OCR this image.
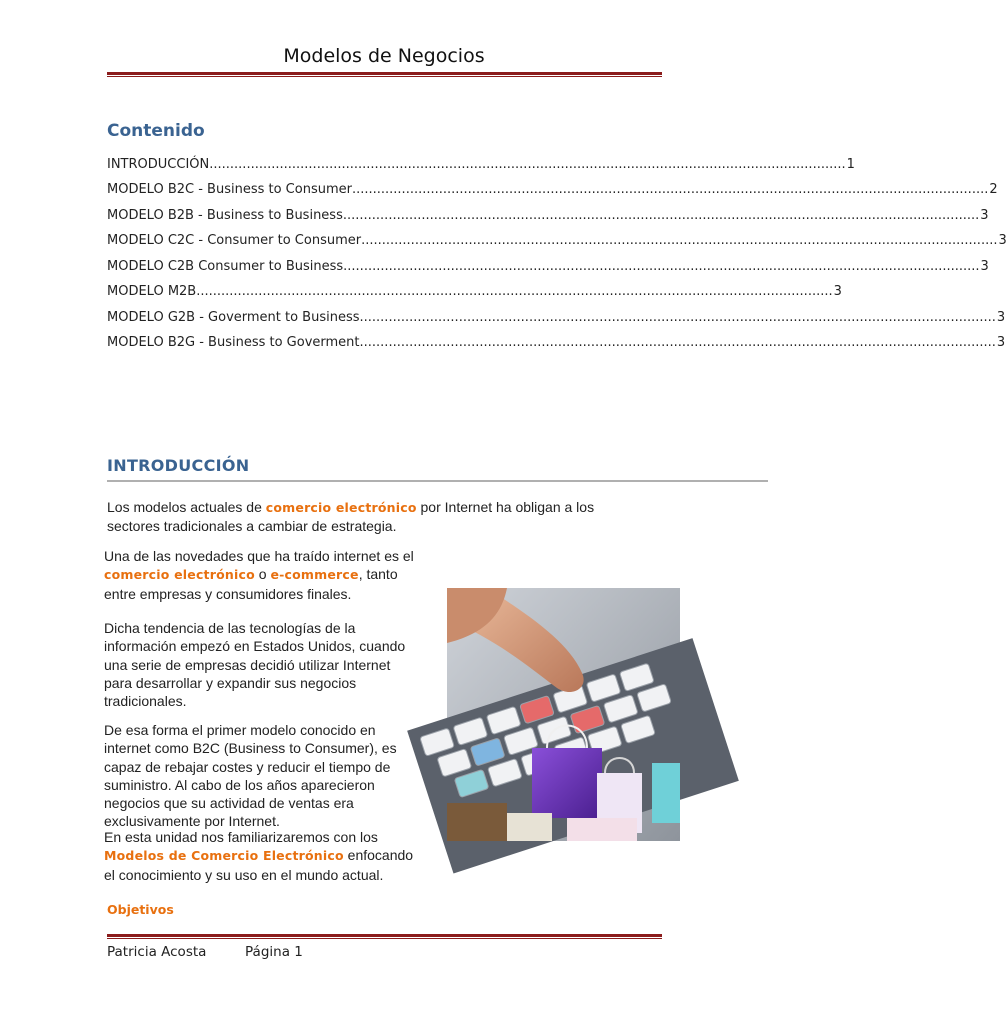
Modelos de Negocios
Contenido
INTRODUCCIÓN .......................................................................................................................................................... 1
MODELO B2C - Business to Consumer .......................................................................................................................................................... 2
MODELO B2B - Business to Business .......................................................................................................................................................... 3
MODELO C2C - Consumer to Consumer .......................................................................................................................................................... 3
MODELO C2B Consumer to Business .......................................................................................................................................................... 3
MODELO M2B .......................................................................................................................................................... 3
MODELO G2B - Goverment to Business .......................................................................................................................................................... 3
MODELO B2G - Business to Goverment .......................................................................................................................................................... 3
INTRODUCCIÓN
Los modelos actuales de comercio electrónico por Internet ha obligan a los sectores tradicionales a cambiar de estrategia.
Una de las novedades que ha traído internet es el comercio electrónico o e-commerce, tanto entre empresas y consumidores finales.
Dicha tendencia de las tecnologías de la información empezó en Estados Unidos, cuando una serie de empresas decidió utilizar Internet para desarrollar y expandir sus negocios tradicionales.
De esa forma el primer modelo conocido en internet como B2C (Business to Consumer), es capaz de rebajar costes y reducir el tiempo de suministro. Al cabo de los años aparecieron negocios que su actividad de ventas era exclusivamente por Internet.
En esta unidad nos familiarizaremos con los Modelos de Comercio Electrónico enfocando el conocimiento y su uso en el mundo actual.
Objetivos
Patricia Acosta	Página 1
